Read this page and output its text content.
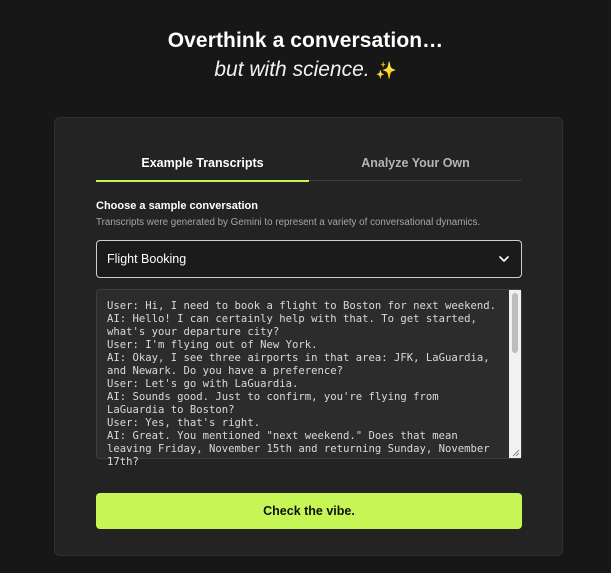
Overthink a conversation…
but with science. ✨
Example Transcripts	Analyze Your Own
Choose a sample conversation
Transcripts were generated by Gemini to represent a variety of conversational dynamics.
Flight Booking
User: Hi, I need to book a flight to Boston for next weekend.
AI: Hello! I can certainly help with that. To get started, what's your departure city?
User: I'm flying out of New York.
AI: Okay, I see three airports in that area: JFK, LaGuardia, and Newark. Do you have a preference?
User: Let's go with LaGuardia.
AI: Sounds good. Just to confirm, you're flying from LaGuardia to Boston?
User: Yes, that's right.
AI: Great. You mentioned "next weekend." Does that mean leaving Friday, November 15th and returning Sunday, November 17th?
Check the vibe.
